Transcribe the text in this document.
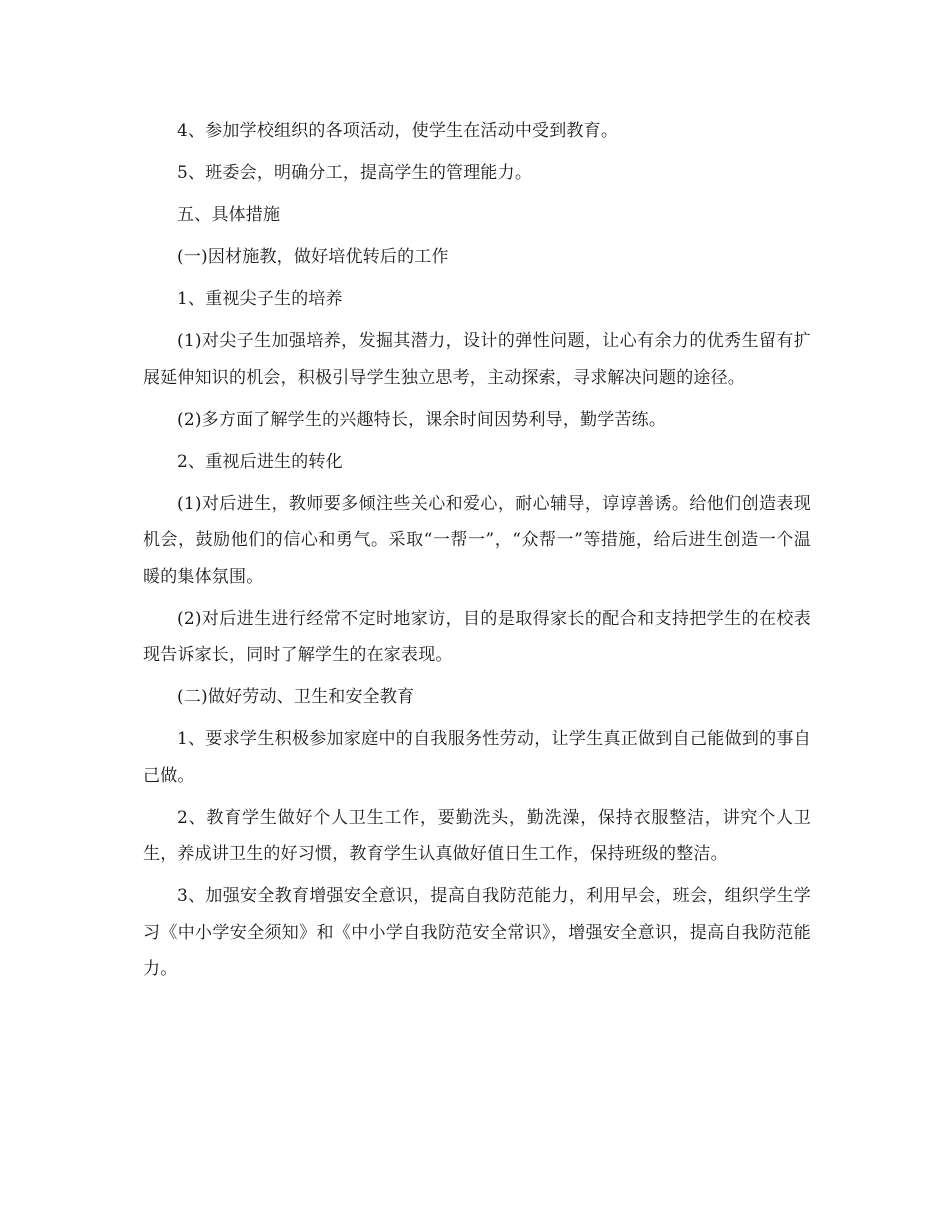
4、参加学校组织的各项活动，使学生在活动中受到教育。

5、班委会，明确分工，提高学生的管理能力。

五、具体措施

(一)因材施教，做好培优转后的工作

1、重视尖子生的培养

(1)对尖子生加强培养，发掘其潜力，设计的弹性问题，让心有余力的优秀生留有扩展延伸知识的机会，积极引导学生独立思考，主动探索，寻求解决问题的途径。

(2)多方面了解学生的兴趣特长，课余时间因势利导，勤学苦练。

2、重视后进生的转化

(1)对后进生，教师要多倾注些关心和爱心，耐心辅导，谆谆善诱。给他们创造表现机会，鼓励他们的信心和勇气。采取“一帮一”，“众帮一”等措施，给后进生创造一个温暖的集体氛围。

(2)对后进生进行经常不定时地家访，目的是取得家长的配合和支持把学生的在校表现告诉家长，同时了解学生的在家表现。

(二)做好劳动、卫生和安全教育

1、要求学生积极参加家庭中的自我服务性劳动，让学生真正做到自己能做到的事自己做。

2、教育学生做好个人卫生工作，要勤洗头，勤洗澡，保持衣服整洁，讲究个人卫生，养成讲卫生的好习惯，教育学生认真做好值日生工作，保持班级的整洁。

3、加强安全教育增强安全意识，提高自我防范能力，利用早会，班会，组织学生学习《中小学安全须知》和《中小学自我防范安全常识》，增强安全意识，提高自我防范能力。
